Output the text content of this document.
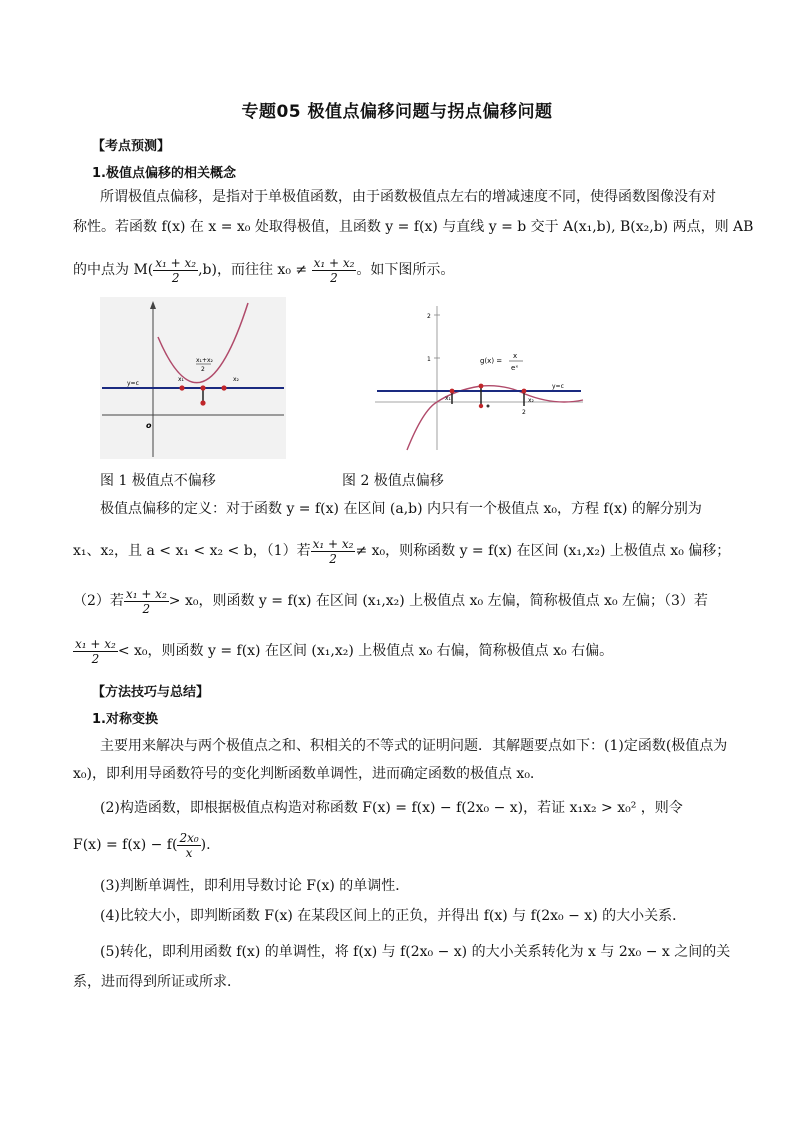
专题05 极值点偏移问题与拐点偏移问题
【考点预测】
1.极值点偏移的相关概念
所谓极值点偏移，是指对于单极值函数，由于函数极值点左右的增减速度不同，使得函数图像没有对
称性。若函数 f(x) 在 x = x₀ 处取得极值，且函数 y = f(x) 与直线 y = b 交于 A(x₁,b), B(x₂,b) 两点，则 AB
的中点为 $M( \frac{\text{x₁ + x₂}}{2} ,b)$，而往往 $x_0 \ne \frac{\text{x₁ + x₂}}{2}$ 。如下图所示。
y=c
x₁	x₂
x₁+x₂
2
o
2
1	g(x) =
x
eˣ
y=c
x₁	x₂
2
图 1 极值点不偏移	图 2 极值点偏移
极值点偏移的定义：对于函数 y = f(x) 在区间 (a,b) 内只有一个极值点 x₀，方程 f(x) 的解分别为
x₁、x₂，且 a < x₁ < x₂ < b，（1）若 $\frac{\text{x₁ + x₂}}{2} \ne x_0$，则称函数 y = f(x) 在区间 (x₁,x₂) 上极值点 x₀ 偏移；
（2）若 $\frac{\text{x₁ + x₂}}{2} > x_0$，则函数 y = f(x) 在区间 (x₁,x₂) 上极值点 x₀ 左偏，简称极值点 x₀ 左偏；（3）若
$\frac{\text{x₁ + x₂}}{2} < x_0$，则函数 y = f(x) 在区间 (x₁,x₂) 上极值点 x₀ 右偏，简称极值点 x₀ 右偏。
【方法技巧与总结】
1.对称变换
主要用来解决与两个极值点之和、积相关的不等式的证明问题．其解题要点如下：(1)定函数(极值点为
x₀)，即利用导函数符号的变化判断函数单调性，进而确定函数的极值点 x₀.
(2)构造函数，即根据极值点构造对称函数 F(x) = f(x) − f(2x₀ − x)，若证 x₁x₂ > x₀² ，则令
$F(x) = f(x) - f( \frac{\text{2x₀}}{x}$ ).
(3)判断单调性，即利用导数讨论 F(x) 的单调性．
(4)比较大小，即判断函数 F(x) 在某段区间上的正负，并得出 f(x) 与 f(2x₀ − x) 的大小关系．
(5)转化，即利用函数 f(x) 的单调性，将 f(x) 与 f(2x₀ − x) 的大小关系转化为 x 与 2x₀ − x 之间的关
系，进而得到所证或所求．
